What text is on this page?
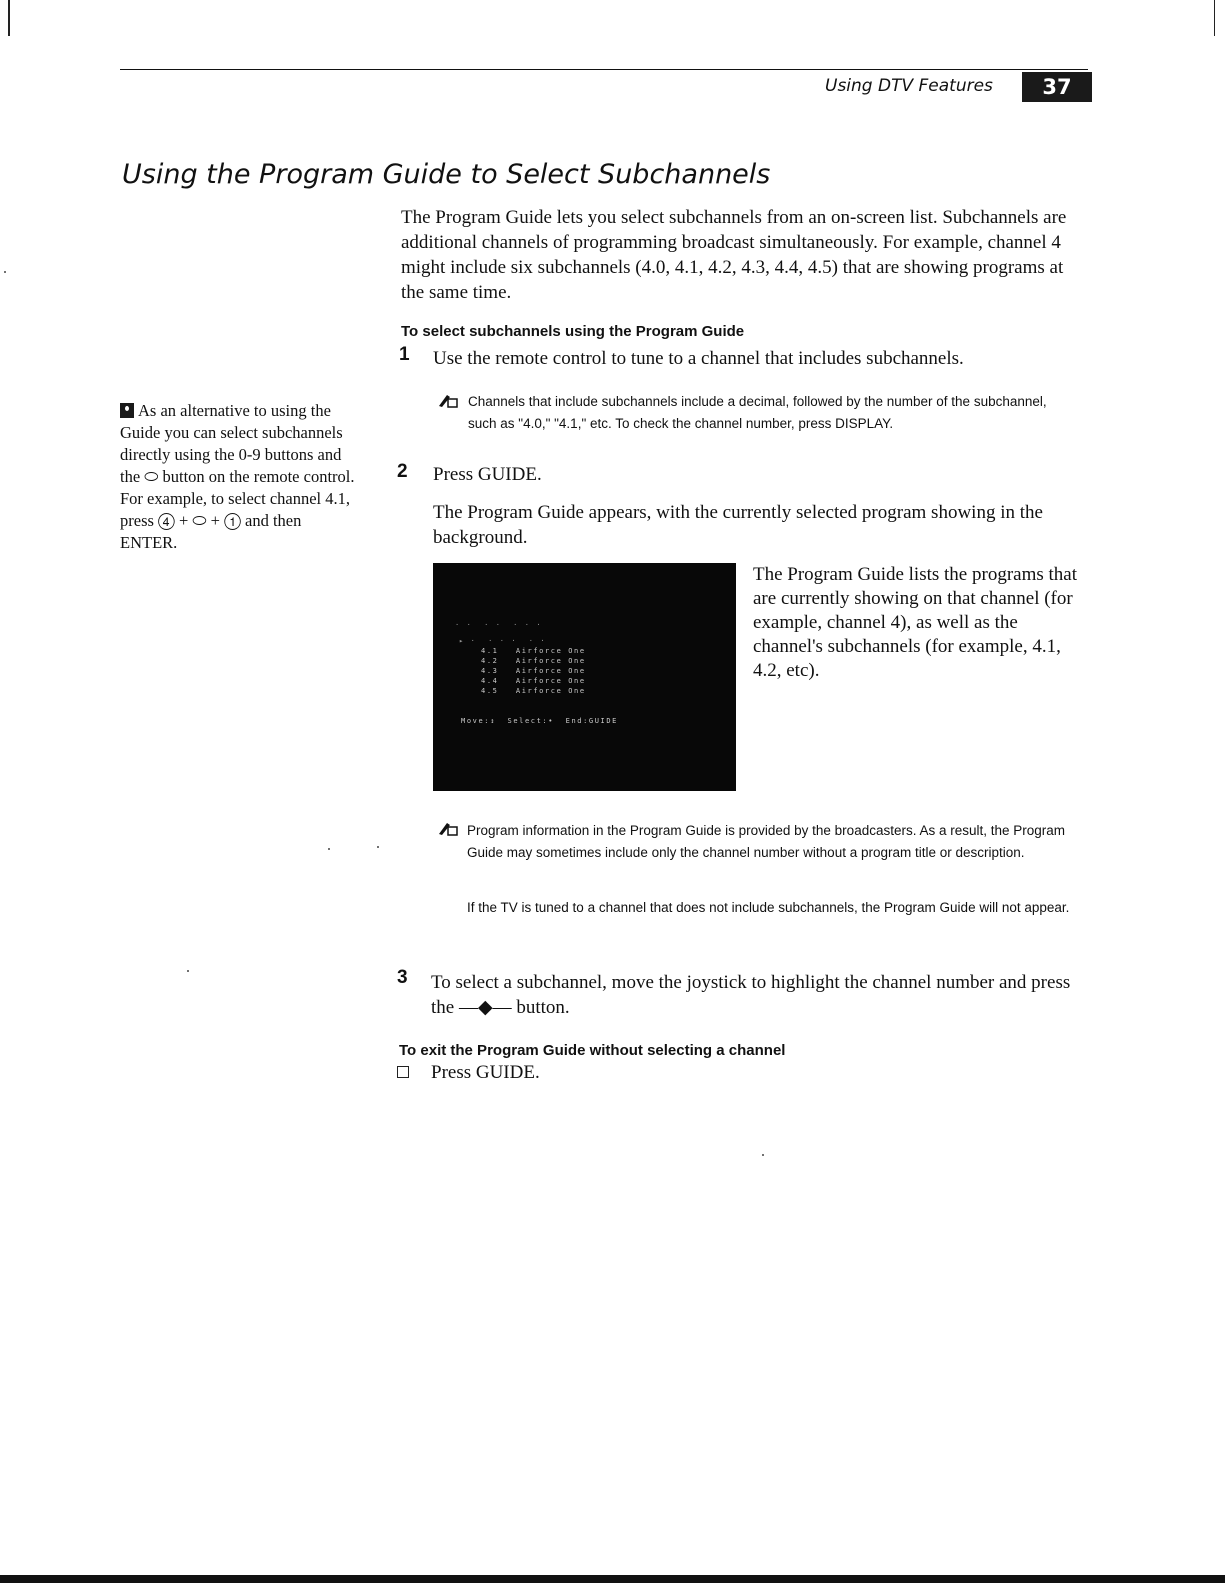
Using DTV Features	37
Using the Program Guide to Select Subchannels

The Program Guide lets you select subchannels from an on-screen list. Subchannels are additional channels of programming broadcast simultaneously. For example, channel 4 might include six subchannels (4.0, 4.1, 4.2, 4.3, 4.4, 4.5) that are showing programs at the same time.

To select subchannels using the Program Guide
1 Use the remote control to tune to a channel that includes subchannels.

Channels that include subchannels include a decimal, followed by the number of the subchannel, such as "4.0," "4.1," etc. To check the channel number, press DISPLAY.

2 Press GUIDE.

The Program Guide appears, with the currently selected program showing in the background.

As an alternative to using the Guide you can select subchannels directly using the 0-9 buttons and the ⬭ button on the remote control. For example, to select channel 4.1, press ④ + ⬭ + ① and then ENTER.

· ·  · ·  · · ·
▸ ·  · · ·  · ·
4.1 Airforce One
4.2 Airforce One
4.3 Airforce One
4.4 Airforce One
4.5 Airforce One
Move:↕  Select:•  End:GUIDE

The Program Guide lists the programs that are currently showing on that channel (for example, channel 4), as well as the channel's subchannels (for example, 4.1, 4.2, etc).

Program information in the Program Guide is provided by the broadcasters. As a result, the Program Guide may sometimes include only the channel number without a program title or description.

If the TV is tuned to a channel that does not include subchannels, the Program Guide will not appear.

3 To select a subchannel, move the joystick to highlight the channel number and press the —◆— button.

To exit the Program Guide without selecting a channel

Press GUIDE.
